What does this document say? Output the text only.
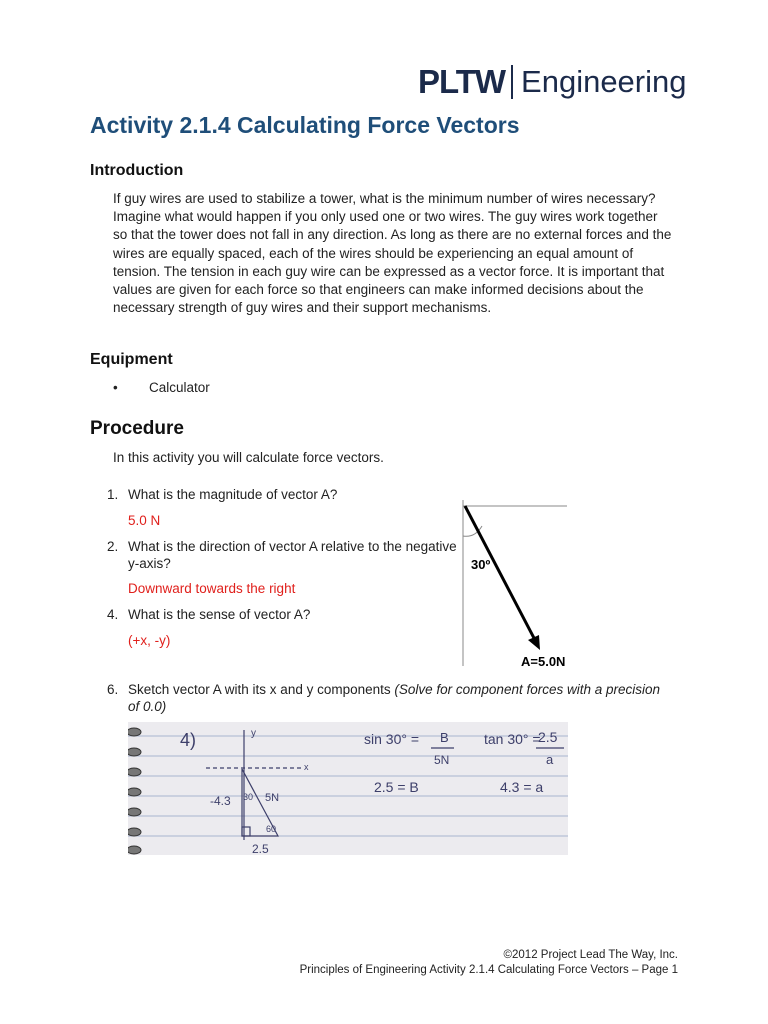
PLTW Engineering
Activity 2.1.4 Calculating Force Vectors
Introduction

If guy wires are used to stabilize a tower, what is the minimum number of wires necessary? Imagine what would happen if you only used one or two wires. The guy wires work together so that the tower does not fall in any direction. As long as there are no external forces and the wires are equally spaced, each of the wires should be experiencing an equal amount of tension. The tension in each guy wire can be expressed as a vector force. It is important that values are given for each force so that engineers can make informed decisions about the necessary strength of guy wires and their support mechanisms.

Equipment
• Calculator
Procedure

In this activity you will calculate force vectors.

1. What is the magnitude of vector A?
5.0 N
2. What is the direction of vector A relative to the negative y-axis?
Downward towards the right
4. What is the sense of vector A?
(+x, -y)
30º
A=5.0N
6. Sketch vector A with its x and y components (Solve for component forces with a precision of 0.0)
4)	y
x
-4.3 30 5N
60
2.5
sin 30° = B
5N
2.5 = B
tan 30° =
2.5
a
4.3 = a
©2012 Project Lead The Way, Inc.
Principles of Engineering Activity 2.1.4 Calculating Force Vectors – Page 1
